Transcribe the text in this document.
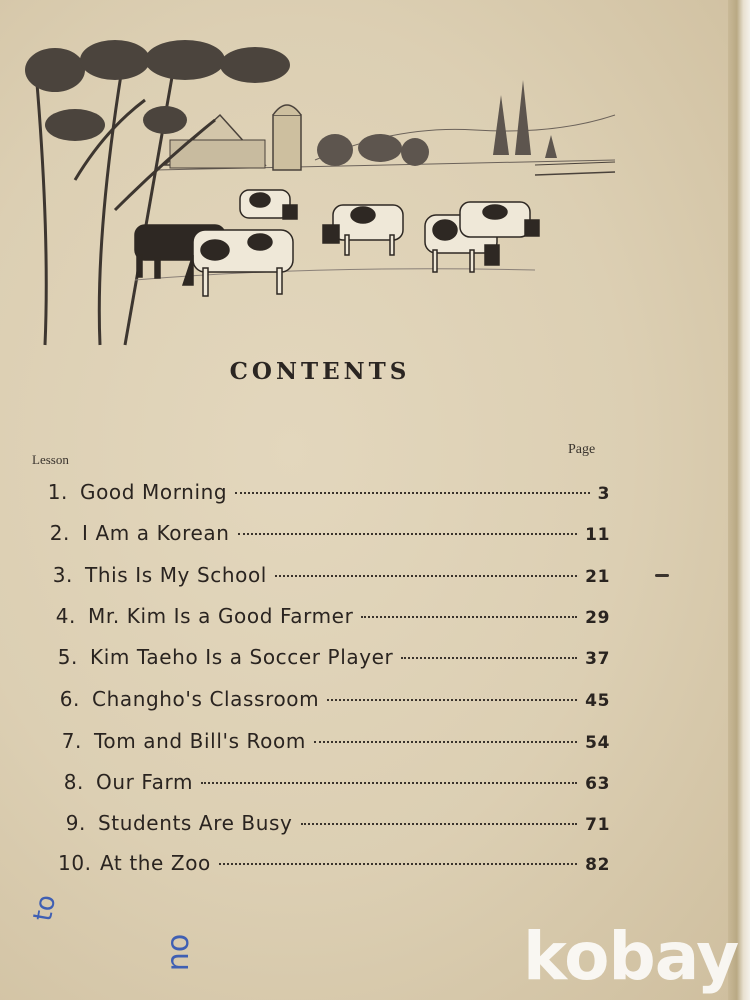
CONTENTS
Lesson
Page
1. Good Morning	3
2. I Am a Korean	11
3. This Is My School	21
4. Mr. Kim Is a Good Farmer	29
5. Kim Taeho Is a Soccer Player	37
6. Changho's Classroom	45
7. Tom and Bill's Room	54
8. Our Farm	63
9. Students Are Busy	71
10. At the Zoo	82
to
no	kobay
